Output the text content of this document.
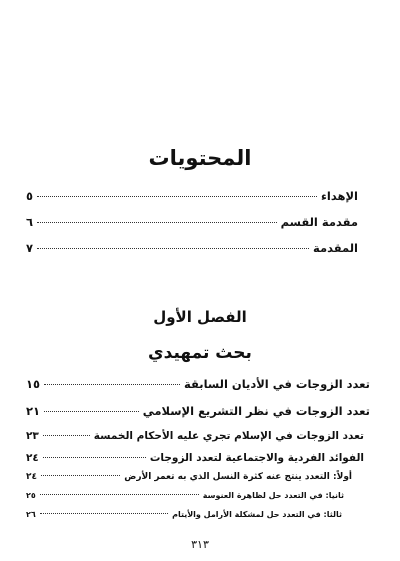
المحتويات
الإهداء
٥
مقدمة القسم
٦
المقدمة
٧
الفصل الأول
بحث تمهيدي
تعدد الزوجات في الأديان السابقة
١٥
تعدد الزوجات في نظر التشريع الإسلامي
٢١
تعدد الزوجات في الإسلام تجري عليه الأحكام الخمسة
٢٣
الفوائد الفردية والاجتماعية لتعدد الزوجات
٢٤
أولاً: التعدد ينتج عنه كثرة النسل الذي به تعمر الأرض
٢٤
ثانيا: في التعدد حل لظاهرة العنوسة
٢٥
ثالثا: في التعدد حل لمشكلة الأرامل والأيتام
٢٦
٣١٣
